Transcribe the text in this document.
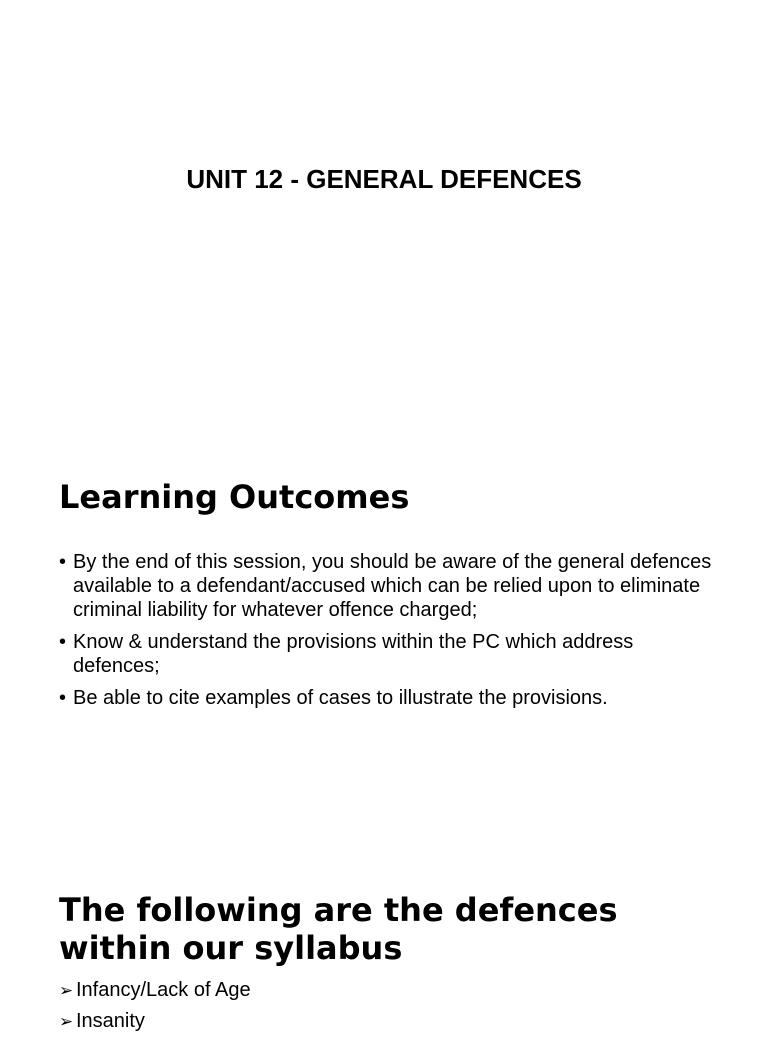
UNIT 12 - GENERAL DEFENCES
Learning Outcomes
• By the end of this session, you should be aware of the general defences available to a defendant/accused which can be relied upon to eliminate criminal liability for whatever offence charged;
• Know & understand the provisions within the PC which address defences;
• Be able to cite examples of cases to illustrate the provisions.
The following are the defences within our syllabus
➢ Infancy/Lack of Age
➢ Insanity
